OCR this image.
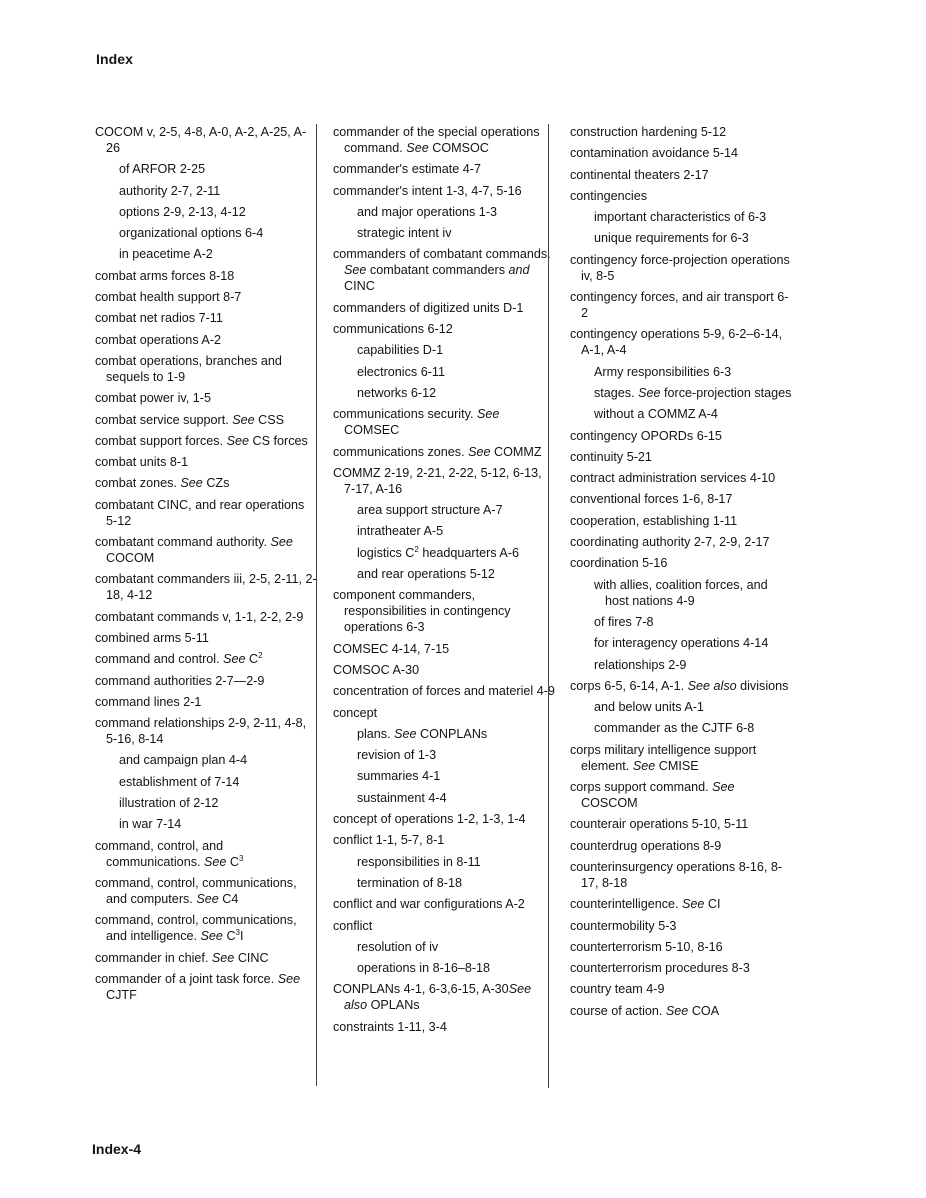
Index
COCOM v, 2-5, 4-8, A-0, A-2, A-25, A-26
of ARFOR 2-25
authority 2-7, 2-11
options 2-9, 2-13, 4-12
organizational options 6-4
in peacetime A-2
combat arms forces 8-18
combat health support 8-7
combat net radios 7-11
combat operations A-2
combat operations, branches and sequels to 1-9
combat power iv, 1-5
combat service support. See CSS
combat support forces. See CS forces
combat units 8-1
combat zones. See CZs
combatant CINC, and rear operations 5-12
combatant command authority. See COCOM
combatant commanders iii, 2-5, 2-11, 2-18, 4-12
combatant commands v, 1-1, 2-2, 2-9
combined arms 5-11
command and control. See $C^2$
command authorities 2-7—2-9
command lines 2-1
command relationships 2-9, 2-11, 4-8, 5-16, 8-14
and campaign plan 4-4
establishment of 7-14
illustration of 2-12
in war 7-14
command, control, and communications. See $C^3$
command, control, communications, and computers. See C4
command, control, communications, and intelligence. See $C^3I$
commander in chief. See CINC
commander of a joint task force. See CJTF
commander of the special operations command. See COMSOC
commander's estimate 4-7
commander's intent 1-3, 4-7, 5-16
and major operations 1-3
strategic intent iv
commanders of combatant commands. See combatant commanders and CINC
commanders of digitized units D-1
communications 6-12
capabilities D-1
electronics 6-11
networks 6-12
communications security. See COMSEC
communications zones. See COMMZ
COMMZ 2-19, 2-21, 2-22, 5-12, 6-13, 7-17, A-16
area support structure A-7
intratheater A-5
logistics $C^2$ headquarters A-6
and rear operations 5-12
component commanders, responsibilities in contingency operations 6-3
COMSEC 4-14, 7-15
COMSOC A-30
concentration of forces and materiel 4-9
concept
plans. See CONPLANs
revision of 1-3
summaries 4-1
sustainment 4-4
concept of operations 1-2, 1-3, 1-4
conflict 1-1, 5-7, 8-1
responsibilities in 8-11
termination of 8-18
conflict and war configurations A-2
conflict
resolution of iv
operations in 8-16–8-18
CONPLANs 4-1, 6-3,6-15, A-30See also OPLANs
constraints 1-11, 3-4
construction hardening 5-12
contamination avoidance 5-14
continental theaters 2-17
contingencies
important characteristics of 6-3
unique requirements for 6-3
contingency force-projection operations iv, 8-5
contingency forces, and air transport 6-2
contingency operations 5-9, 6-2–6-14, A-1, A-4
Army responsibilities 6-3
stages. See force-projection stages
without a COMMZ A-4
contingency OPORDs 6-15
continuity 5-21
contract administration services 4-10
conventional forces 1-6, 8-17
cooperation, establishing 1-11
coordinating authority 2-7, 2-9, 2-17
coordination 5-16
with allies, coalition forces, and host nations 4-9
of fires 7-8
for interagency operations 4-14
relationships 2-9
corps 6-5, 6-14, A-1. See also divisions
and below units A-1
commander as the CJTF 6-8
corps military intelligence support element. See CMISE
corps support command. See COSCOM
counterair operations 5-10, 5-11
counterdrug operations 8-9
counterinsurgency operations 8-16, 8-17, 8-18
counterintelligence. See CI
countermobility 5-3
counterterrorism 5-10, 8-16
counterterrorism procedures 8-3
country team 4-9
course of action. See COA
Index-4
